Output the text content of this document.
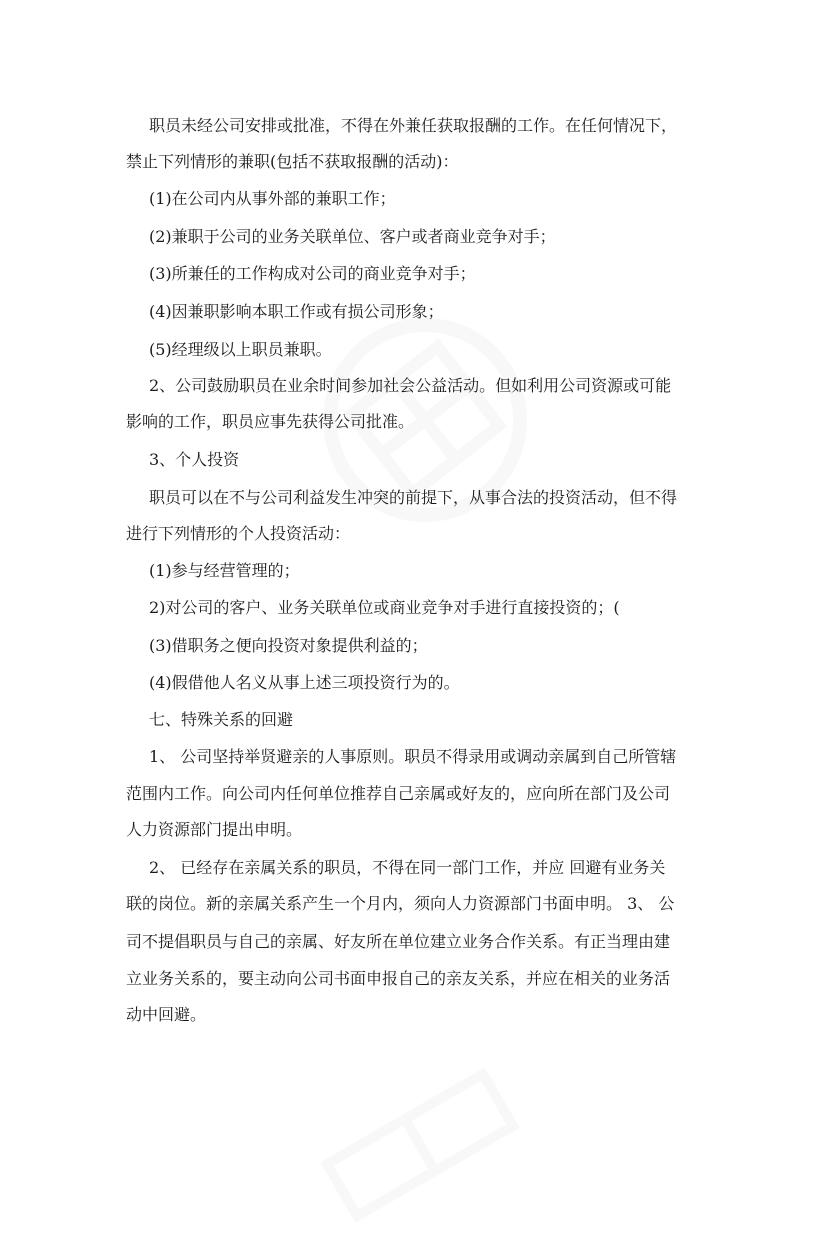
职员未经公司安排或批准，不得在外兼任获取报酬的工作。在任何情况下，

禁止下列情形的兼职(包括不获取报酬的活动)：

(1)在公司内从事外部的兼职工作；

(2)兼职于公司的业务关联单位、客户或者商业竞争对手；

(3)所兼任的工作构成对公司的商业竞争对手；

(4)因兼职影响本职工作或有损公司形象；

(5)经理级以上职员兼职。

2、公司鼓励职员在业余时间参加社会公益活动。但如利用公司资源或可能

影响的工作，职员应事先获得公司批准。

3、个人投资

职员可以在不与公司利益发生冲突的前提下，从事合法的投资活动，但不得

进行下列情形的个人投资活动：

(1)参与经营管理的；

2)对公司的客户、业务关联单位或商业竞争对手进行直接投资的；(

(3)借职务之便向投资对象提供利益的；

(4)假借他人名义从事上述三项投资行为的。

七、特殊关系的回避

1、 公司坚持举贤避亲的人事原则。职员不得录用或调动亲属到自己所管辖

范围内工作。向公司内任何单位推荐自己亲属或好友的，应向所在部门及公司

人力资源部门提出申明。

2、 已经存在亲属关系的职员，不得在同一部门工作，并应 回避有业务关

联的岗位。新的亲属关系产生一个月内，须向人力资源部门书面申明。 3、 公

司不提倡职员与自己的亲属、好友所在单位建立业务合作关系。有正当理由建

立业务关系的，要主动向公司书面申报自己的亲友关系，并应在相关的业务活

动中回避。
